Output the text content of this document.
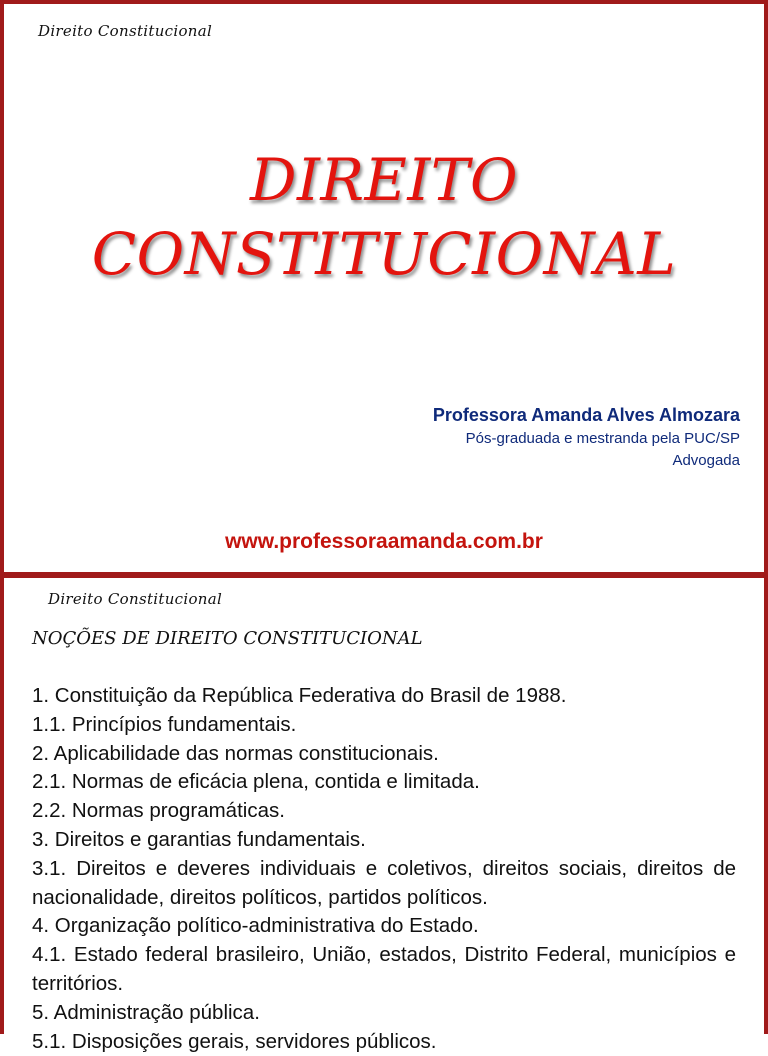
Direito Constitucional
DIREITO
CONSTITUCIONAL
Professora Amanda Alves Almozara
Pós-graduada e mestranda pela PUC/SP
Advogada
www.professoraamanda.com.br
Direito Constitucional
NOÇÕES DE DIREITO CONSTITUCIONAL
1. Constituição da República Federativa do Brasil de 1988.
1.1. Princípios fundamentais.
2. Aplicabilidade das normas constitucionais.
2.1. Normas de eficácia plena, contida e limitada.
2.2. Normas programáticas.
3. Direitos e garantias fundamentais.
3.1. Direitos e deveres individuais e coletivos, direitos sociais, direitos de nacionalidade, direitos políticos, partidos políticos.
4. Organização político-administrativa do Estado.
4.1. Estado federal brasileiro, União, estados, Distrito Federal, municípios e territórios.
5. Administração pública.
5.1. Disposições gerais, servidores públicos.
